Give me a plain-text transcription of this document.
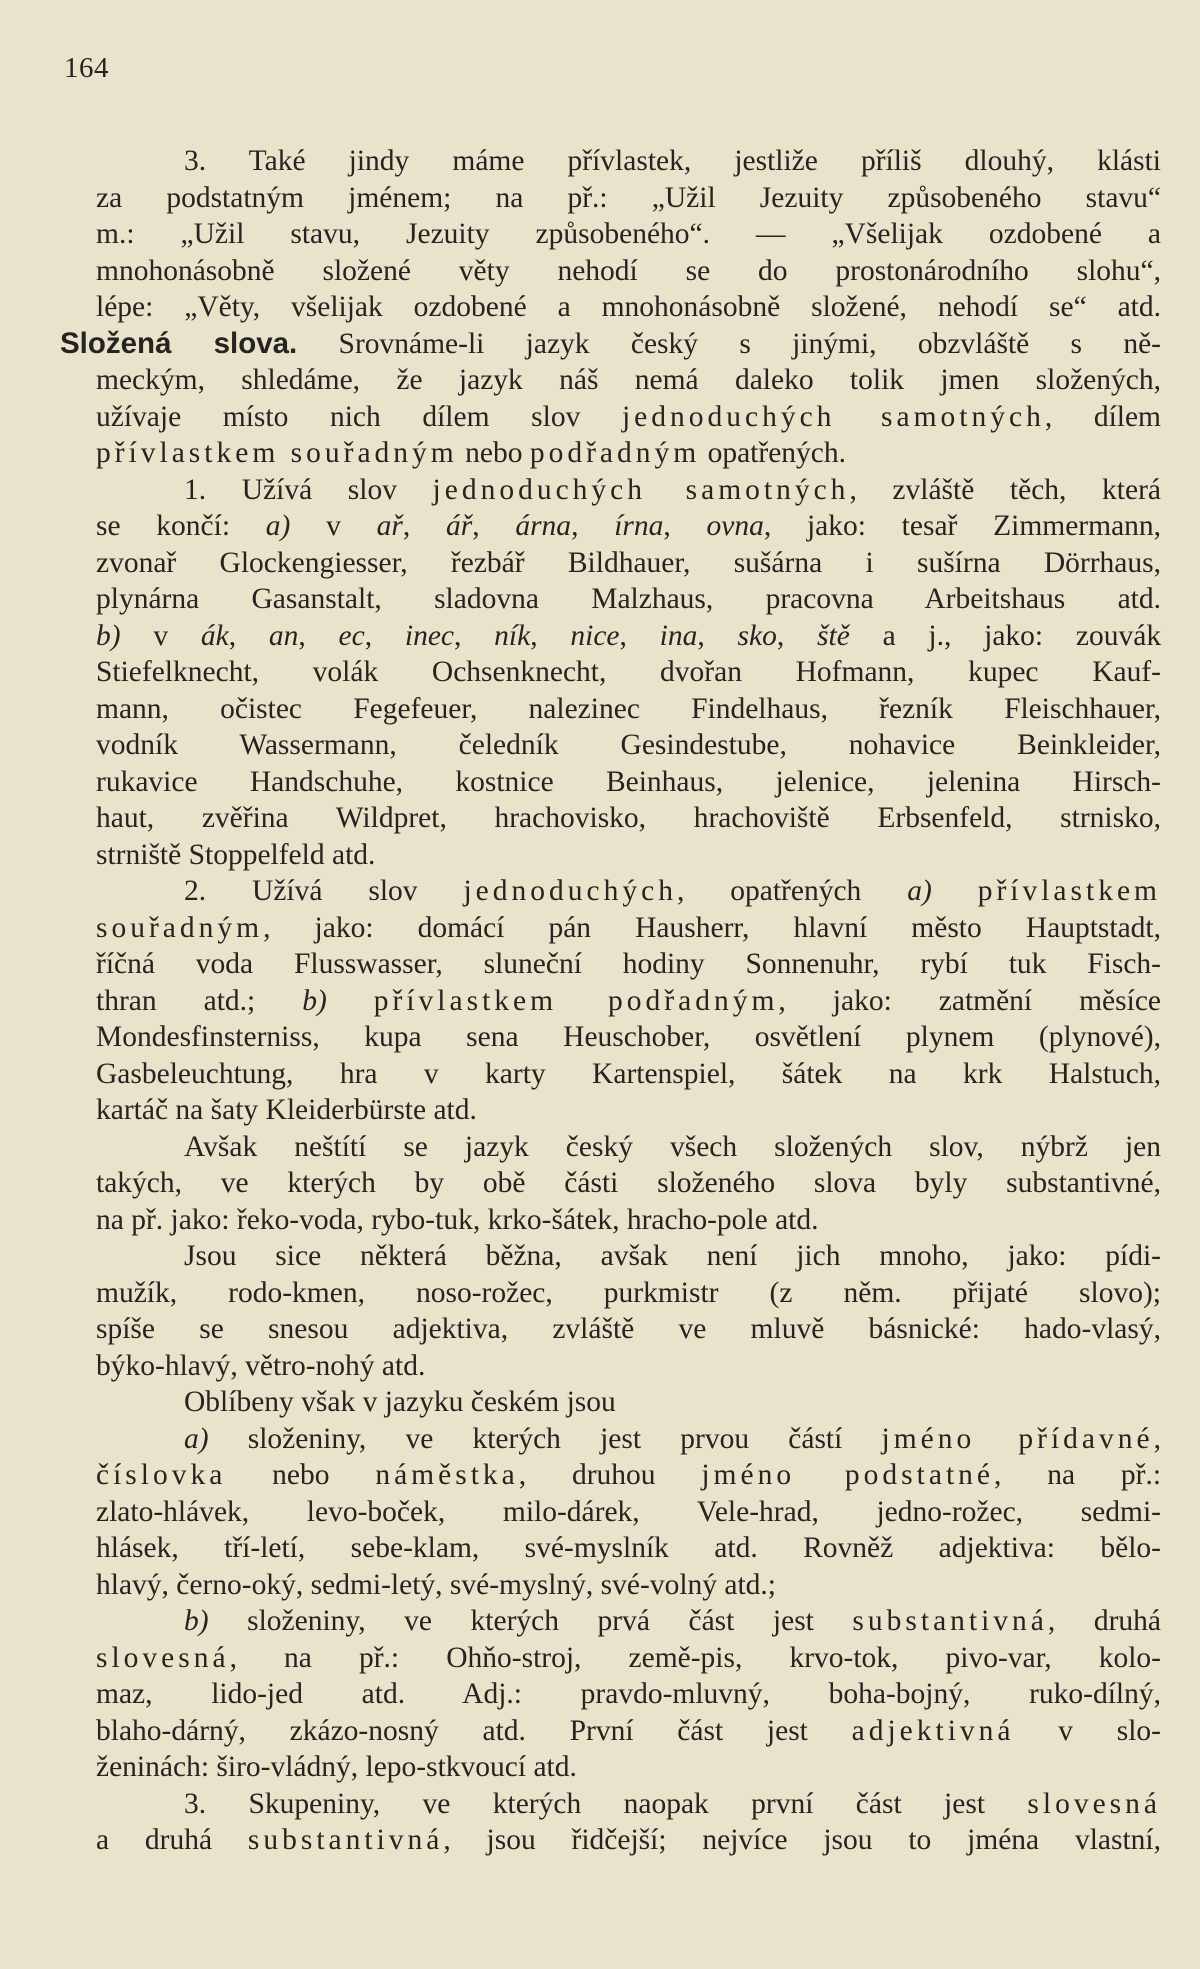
164
3. Také jindy máme přívlastek, jestliže příliš dlouhý, klásti
za podstatným jménem; na př.: „Užil Jezuity způsobeného stavu“
m.: „Užil stavu, Jezuity způsobeného“. — „Všelijak ozdobené a
mnohonásobně složené věty nehodí se do prostonárodního slohu“,
lépe: „Věty, všelijak ozdobené a mnohonásobně složené, nehodí se“ atd.
Složená slova. Srovnáme-li jazyk český s jinými, obzvláště s ně-
meckým, shledáme, že jazyk náš nemá daleko tolik jmen složených,
užívaje místo nich dílem slov jednoduchých samotných, dílem
přívlastkem souřadným nebo podřadným opatřených.
1. Užívá slov jednoduchých samotných, zvláště těch, která
se končí: a) v ař, ář, árna, írna, ovna, jako: tesař Zimmermann,
zvonař Glockengiesser, řezbář Bildhauer, sušárna i sušírna Dörrhaus,
plynárna Gasanstalt, sladovna Malzhaus, pracovna Arbeitshaus atd.
b) v ák, an, ec, inec, ník, nice, ina, sko, ště a j., jako: zouvák
Stiefelknecht, volák Ochsenknecht, dvořan Hofmann, kupec Kauf-
mann, očistec Fegefeuer, nalezinec Findelhaus, řezník Fleischhauer,
vodník Wassermann, čeledník Gesindestube, nohavice Beinkleider,
rukavice Handschuhe, kostnice Beinhaus, jelenice, jelenina Hirsch-
haut, zvěřina Wildpret, hrachovisko, hrachoviště Erbsenfeld, strnisko,
strniště Stoppelfeld atd.
2. Užívá slov jednoduchých, opatřených a) přívlastkem
souřadným, jako: domácí pán Hausherr, hlavní město Hauptstadt,
říčná voda Flusswasser, sluneční hodiny Sonnenuhr, rybí tuk Fisch-
thran atd.; b) přívlastkem podřadným, jako: zatmění měsíce
Mondesfinsterniss, kupa sena Heuschober, osvětlení plynem (plynové),
Gasbeleuchtung, hra v karty Kartenspiel, šátek na krk Halstuch,
kartáč na šaty Kleiderbürste atd.
Avšak neštítí se jazyk český všech složených slov, nýbrž jen
takých, ve kterých by obě části složeného slova byly substantivné,
na př. jako: řeko-voda, rybo-tuk, krko-šátek, hracho-pole atd.
Jsou sice některá běžna, avšak není jich mnoho, jako: pídi-
mužík, rodo-kmen, noso-rožec, purkmistr (z něm. přijaté slovo);
spíše se snesou adjektiva, zvláště ve mluvě básnické: hado-vlasý,
býko-hlavý, větro-nohý atd.
Oblíbeny však v jazyku českém jsou
a) složeniny, ve kterých jest prvou částí jméno přídavné,
číslovka nebo náměstka, druhou jméno podstatné, na př.:
zlato-hlávek, levo-boček, milo-dárek, Vele-hrad, jedno-rožec, sedmi-
hlásek, tří-letí, sebe-klam, své-myslník atd. Rovněž adjektiva: bělo-
hlavý, černo-oký, sedmi-letý, své-myslný, své-volný atd.;
b) složeniny, ve kterých prvá část jest substantivná, druhá
slovesná, na př.: Ohňo-stroj, země-pis, krvo-tok, pivo-var, kolo-
maz, lido-jed atd. Adj.: pravdo-mluvný, boha-bojný, ruko-dílný,
blaho-dárný, zkázo-nosný atd. První část jest adjektivná v slo-
ženinách: širo-vládný, lepo-stkvoucí atd.
3. Skupeniny, ve kterých naopak první část jest slovesná
a druhá substantivná, jsou řidčejší; nejvíce jsou to jména vlastní,
